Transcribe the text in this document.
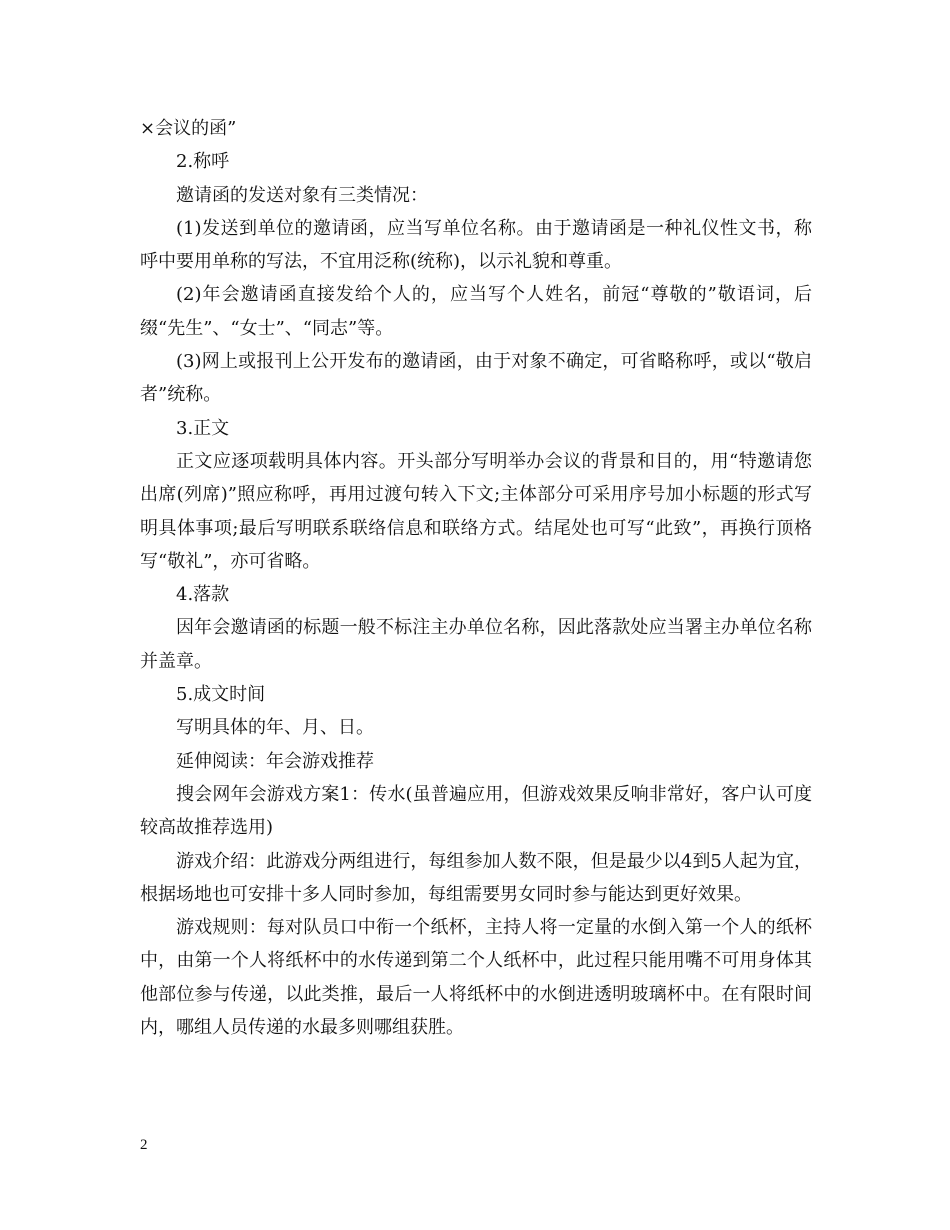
×会议的函”

2.称呼

邀请函的发送对象有三类情况：

(1)发送到单位的邀请函，应当写单位名称。由于邀请函是一种礼仪性文书，称呼中要用单称的写法，不宜用泛称(统称)，以示礼貌和尊重。

(2)年会邀请函直接发给个人的，应当写个人姓名，前冠“尊敬的”敬语词，后缀“先生”、“女士”、“同志”等。

(3)网上或报刊上公开发布的邀请函，由于对象不确定，可省略称呼，或以“敬启者”统称。

3.正文

正文应逐项载明具体内容。开头部分写明举办会议的背景和目的，用“特邀请您出席(列席)”照应称呼，再用过渡句转入下文;主体部分可采用序号加小标题的形式写明具体事项;最后写明联系联络信息和联络方式。结尾处也可写“此致”，再换行顶格写“敬礼”，亦可省略。

4.落款

因年会邀请函的标题一般不标注主办单位名称，因此落款处应当署主办单位名称并盖章。

5.成文时间

写明具体的年、月、日。

延伸阅读：年会游戏推荐

搜会网年会游戏方案1：传水(虽普遍应用，但游戏效果反响非常好，客户认可度较高故推荐选用)

游戏介绍：此游戏分两组进行，每组参加人数不限，但是最少以4到5人起为宜，根据场地也可安排十多人同时参加，每组需要男女同时参与能达到更好效果。

游戏规则：每对队员口中衔一个纸杯，主持人将一定量的水倒入第一个人的纸杯中，由第一个人将纸杯中的水传递到第二个人纸杯中，此过程只能用嘴不可用身体其他部位参与传递，以此类推，最后一人将纸杯中的水倒进透明玻璃杯中。在有限时间内，哪组人员传递的水最多则哪组获胜。

2
